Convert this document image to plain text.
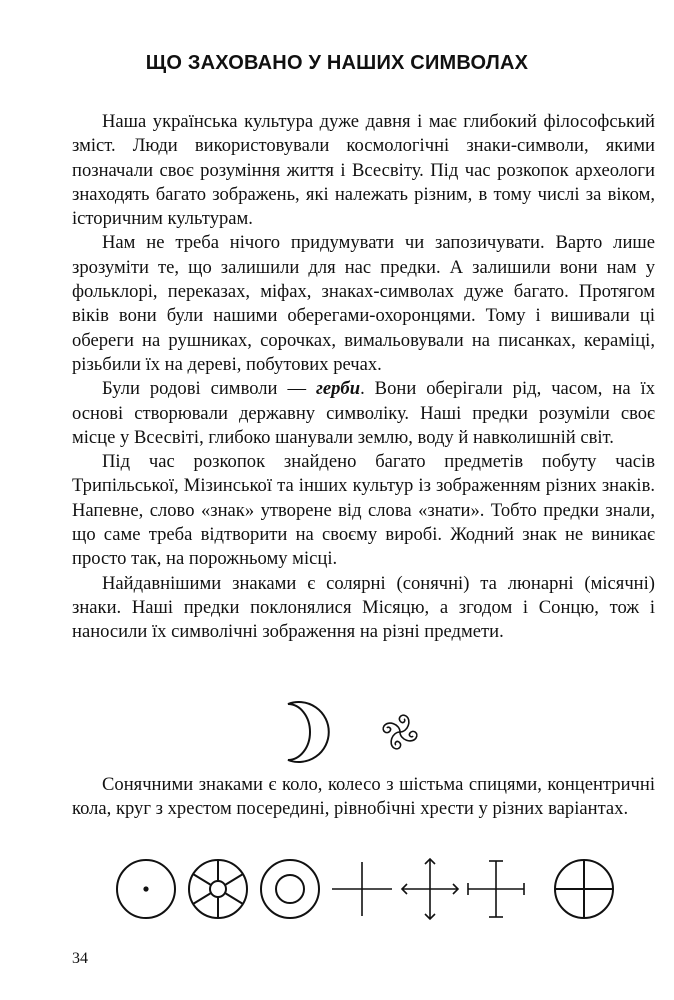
ЩО ЗАХОВАНО У НАШИХ СИМВОЛАХ

Наша українська культура дуже давня і має глибокий філософський зміст. Люди використовували космологічні знаки-символи, якими позначали своє розуміння життя і Всесвіту. Під час розкопок археологи знаходять багато зображень, які належать різним, в тому числі за віком, історичним культурам.

Нам не треба нічого придумувати чи запозичувати. Варто лише зрозуміти те, що залишили для нас предки. А залишили вони нам у фольклорі, переказах, міфах, знаках-символах дуже багато. Протягом віків вони були нашими оберегами-охоронцями. Тому і вишивали ці обереги на рушниках, сорочках, вимальовували на писанках, кераміці, різьбили їх на дереві, побутових речах.

Були родові символи — герби. Вони оберігали рід, часом, на їх основі створювали державну символіку. Наші предки розуміли своє місце у Всесвіті, глибоко шанували землю, воду й навколишній світ.

Під час розкопок знайдено багато предметів побуту часів Трипільської, Мізинської та інших культур із зображенням різних знаків. Напевне, слово «знак» утворене від слова «знати». Тобто предки знали, що саме треба відтворити на своєму виробі. Жодний знак не виникає просто так, на порожньому місці.

Найдавнішими знаками є солярні (сонячні) та люнарні (місячні) знаки. Наші предки поклонялися Місяцю, а згодом і Сонцю, тож і наносили їх символічні зображення на різні предмети.

Сонячними знаками є коло, колесо з шістьма спицями, концентричні кола, круг з хрестом посередині, рівнобічні хрести у різних варіантах.

34
